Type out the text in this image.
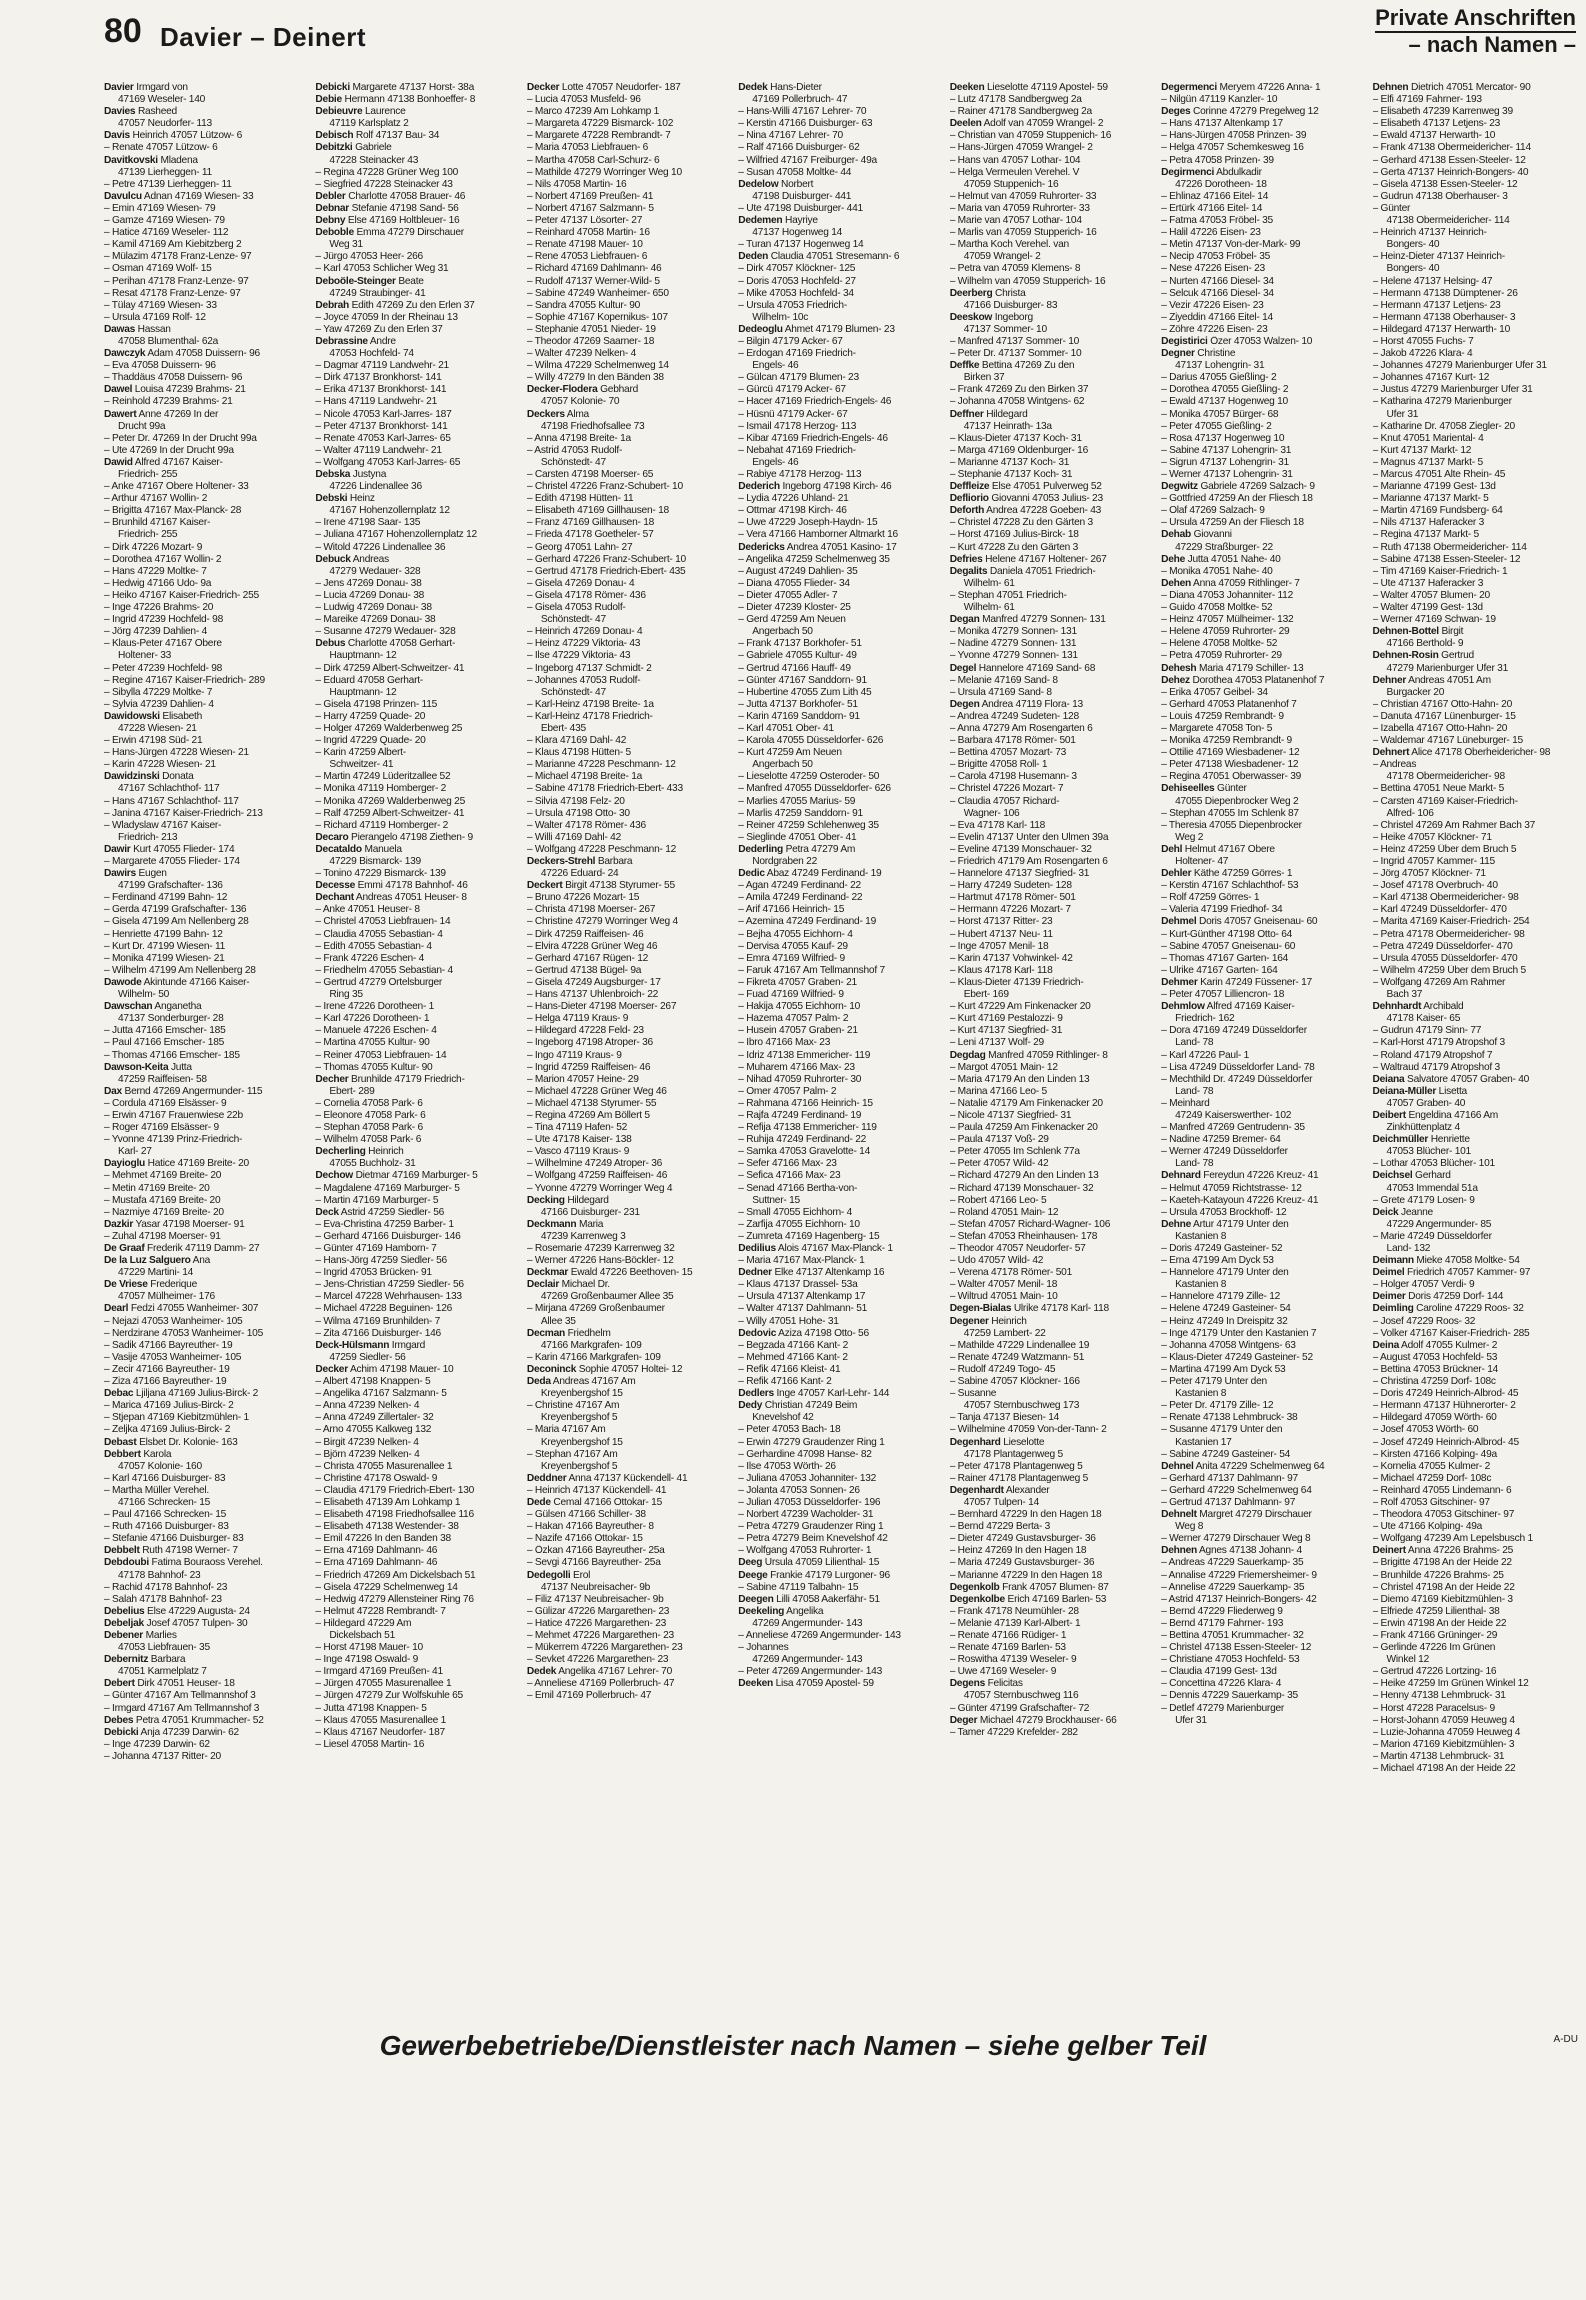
80 Davier – Deinert
Private Anschriften
– nach Namen –
Davier Irmgard von
47169 Weseler- 140
Davies Rasheed
47057 Neudorfer- 113
Davis Heinrich 47057 Lützow- 6
– Renate 47057 Lützow- 6
Davitkovski Mladena
47139 Lierheggen- 11
– Petre 47139 Lierheggen- 11
Davulcu Adnan 47169 Wiesen- 33
– Emin 47169 Wiesen- 79
– Gamze 47169 Wiesen- 79
– Hatice 47169 Weseler- 112
– Kamil 47169 Am Kiebitzberg 2
– Mülazim 47178 Franz-Lenze- 97
– Osman 47169 Wolf- 15
– Perihan 47178 Franz-Lenze- 97
– Resat 47178 Franz-Lenze- 97
– Tülay 47169 Wiesen- 33
– Ursula 47169 Rolf- 12
Dawas Hassan
47058 Blumenthal- 62a
Dawczyk Adam 47058 Duissern- 96
– Eva 47058 Duissern- 96
– Thaddäus 47058 Duissern- 96
Dawel Louisa 47239 Brahms- 21
– Reinhold 47239 Brahms- 21
Dawert Anne 47269 In der
Drucht 99a
– Peter Dr. 47269 In der Drucht 99a
– Ute 47269 In der Drucht 99a
Dawid Alfred 47167 Kaiser-
Friedrich- 255
– Anke 47167 Obere Holtener- 33
– Arthur 47167 Wollin- 2
– Brigitta 47167 Max-Planck- 28
– Brunhild 47167 Kaiser-
Friedrich- 255
– Dirk 47226 Mozart- 9
– Dorothea 47167 Wollin- 2
– Hans 47229 Moltke- 7
– Hedwig 47166 Udo- 9a
– Heiko 47167 Kaiser-Friedrich- 255
– Inge 47226 Brahms- 20
– Ingrid 47239 Hochfeld- 98
– Jörg 47239 Dahlien- 4
– Klaus-Peter 47167 Obere
Holtener- 33
– Peter 47239 Hochfeld- 98
– Regine 47167 Kaiser-Friedrich- 289
– Sibylla 47229 Moltke- 7
– Sylvia 47239 Dahlien- 4
Dawidowski Elisabeth
47228 Wiesen- 21
– Erwin 47198 Süd- 21
– Hans-Jürgen 47228 Wiesen- 21
– Karin 47228 Wiesen- 21
Dawidzinski Donata
47167 Schlachthof- 117
– Hans 47167 Schlachthof- 117
– Janina 47167 Kaiser-Friedrich- 213
– Wladyslaw 47167 Kaiser-
Friedrich- 213
Dawir Kurt 47055 Flieder- 174
– Margarete 47055 Flieder- 174
Dawirs Eugen
47199 Grafschafter- 136
– Ferdinand 47199 Bahn- 12
– Gerda 47199 Grafschafter- 136
– Gisela 47199 Am Nellenberg 28
– Henriette 47199 Bahn- 12
– Kurt Dr. 47199 Wiesen- 11
– Monika 47199 Wiesen- 21
– Wilhelm 47199 Am Nellenberg 28
Dawode Akintunde 47166 Kaiser-
Wilhelm- 50
Dawschan Anganetha
47137 Sonderburger- 28
– Jutta 47166 Emscher- 185
– Paul 47166 Emscher- 185
– Thomas 47166 Emscher- 185
Dawson-Keita Jutta
47259 Raiffeisen- 58
Dax Bernd 47269 Angermunder- 115
– Cordula 47169 Elsässer- 9
– Erwin 47167 Frauenwiese 22b
– Roger 47169 Elsässer- 9
– Yvonne 47139 Prinz-Friedrich-
Karl- 27
Dayioglu Hatice 47169 Breite- 20
– Mehmet 47169 Breite- 20
– Metin 47169 Breite- 20
– Mustafa 47169 Breite- 20
– Nazmiye 47169 Breite- 20
Dazkir Yasar 47198 Moerser- 91
– Zuhal 47198 Moerser- 91
De Graaf Frederik 47119 Damm- 27
De la Luz Salguero Ana
47229 Martini- 14
De Vriese Frederique
47057 Mülheimer- 176
Dearl Fedzi 47055 Wanheimer- 307
– Nejazi 47053 Wanheimer- 105
– Nerdzirane 47053 Wanheimer- 105
– Sadik 47166 Bayreuther- 19
– Vasije 47053 Wanheimer- 105
– Zecir 47166 Bayreuther- 19
– Ziza 47166 Bayreuther- 19
Debac Ljiljana 47169 Julius-Birck- 2
– Marica 47169 Julius-Birck- 2
– Stjepan 47169 Kiebitzmühlen- 1
– Zeljka 47169 Julius-Birck- 2
Debast Elsbet Dr. Kolonie- 163
Debbert Karola
47057 Kolonie- 160
– Karl 47166 Duisburger- 83
– Martha Müller Verehel.
47166 Schrecken- 15
– Paul 47166 Schrecken- 15
– Ruth 47166 Duisburger- 83
– Stefanie 47166 Duisburger- 83
Debbelt Ruth 47198 Werner- 7
Debdoubi Fatima Bouraoss Verehel.
47178 Bahnhof- 23
– Rachid 47178 Bahnhof- 23
– Salah 47178 Bahnhof- 23
Debelius Else 47229 Augusta- 24
Debeljak Josef 47057 Tulpen- 30
Debener Marlies
47053 Liebfrauen- 35
Debernitz Barbara
47051 Karmelplatz 7
Debert Dirk 47051 Heuser- 18
– Günter 47167 Am Tellmannshof 3
– Irmgard 47167 Am Tellmannshof 3
Debes Petra 47051 Krummacher- 52
Debicki Anja 47239 Darwin- 62
– Inge 47239 Darwin- 62
– Johanna 47137 Ritter- 20
Debicki Margarete 47137 Horst- 38a
Debie Hermann 47138 Bonhoeffer- 8
Debieuvre Laurence
47119 Karlsplatz 2
Debisch Rolf 47137 Bau- 34
Debitzki Gabriele
47228 Steinacker 43
– Regina 47228 Grüner Weg 100
– Siegfried 47228 Steinacker 43
Debler Charlotte 47058 Brauer- 46
Debnar Stefanie 47198 Sand- 56
Debny Else 47169 Holtbleuer- 16
Deboble Emma 47279 Dirschauer
Weg 31
– Jürgo 47053 Heer- 266
– Karl 47053 Schlicher Weg 31
Deboöle-Steinger Beate
47249 Straubinger- 41
Debrah Edith 47269 Zu den Erlen 37
– Joyce 47059 In der Rheinau 13
– Yaw 47269 Zu den Erlen 37
Debrassine Andre
47053 Hochfeld- 74
– Dagmar 47119 Landwehr- 21
– Dirk 47137 Bronkhorst- 141
– Erika 47137 Bronkhorst- 141
– Hans 47119 Landwehr- 21
– Nicole 47053 Karl-Jarres- 187
– Peter 47137 Bronkhorst- 141
– Renate 47053 Karl-Jarres- 65
– Walter 47119 Landwehr- 21
– Wolfgang 47053 Karl-Jarres- 65
Debska Justyna
47226 Lindenallee 36
Debski Heinz
47167 Hohenzollernplatz 12
– Irene 47198 Saar- 135
– Juliana 47167 Hohenzollernplatz 12
– Witold 47226 Lindenallee 36
Debuck Andreas
47279 Wedauer- 328
– Jens 47269 Donau- 38
– Lucia 47269 Donau- 38
– Ludwig 47269 Donau- 38
– Mareike 47269 Donau- 38
– Susanne 47279 Wedauer- 328
Debus Charlotte 47058 Gerhart-
Hauptmann- 12
– Dirk 47259 Albert-Schweitzer- 41
– Eduard 47058 Gerhart-
Hauptmann- 12
– Gisela 47198 Prinzen- 115
– Harry 47259 Quade- 20
– Holger 47269 Walderbenweg 25
– Ingrid 47229 Quade- 20
– Karin 47259 Albert-
Schweitzer- 41
– Martin 47249 Lüderitzallee 52
– Monika 47119 Homberger- 2
– Monika 47269 Walderbenweg 25
– Ralf 47259 Albert-Schweitzer- 41
– Richard 47119 Homberger- 2
Decaro Pierangelo 47198 Ziethen- 9
Decataldo Manuela
47229 Bismarck- 139
– Tonino 47229 Bismarck- 139
Decesse Emmi 47178 Bahnhof- 46
Dechant Andreas 47051 Heuser- 8
– Anke 47051 Heuser- 8
– Christel 47053 Liebfrauen- 14
– Claudia 47055 Sebastian- 4
– Edith 47055 Sebastian- 4
– Frank 47226 Eschen- 4
– Friedhelm 47055 Sebastian- 4
– Gertrud 47279 Ortelsburger
Ring 35
– Irene 47226 Dorotheen- 1
– Karl 47226 Dorotheen- 1
– Manuele 47226 Eschen- 4
– Martina 47055 Kultur- 90
– Reiner 47053 Liebfrauen- 14
– Thomas 47055 Kultur- 90
Decher Brunhilde 47179 Friedrich-
Ebert- 289
– Cornelia 47058 Park- 6
– Eleonore 47058 Park- 6
– Stephan 47058 Park- 6
– Wilhelm 47058 Park- 6
Decherling Heinrich
47055 Buchholz- 31
Dechow Dietmar 47169 Marburger- 5
– Magdalene 47169 Marburger- 5
– Martin 47169 Marburger- 5
Deck Astrid 47259 Siedler- 56
– Eva-Christina 47259 Barber- 1
– Gerhard 47166 Duisburger- 146
– Günter 47169 Hamborn- 7
– Hans-Jörg 47259 Siedler- 56
– Ingrid 47053 Brücken- 91
– Jens-Christian 47259 Siedler- 56
– Marcel 47228 Wehrhausen- 133
– Michael 47228 Beguinen- 126
– Wilma 47169 Brunhilden- 7
– Zita 47166 Duisburger- 146
Deck-Hülsmann Irmgard
47259 Siedler- 56
Decker Achim 47198 Mauer- 10
– Albert 47198 Knappen- 5
– Angelika 47167 Salzmann- 5
– Anna 47239 Nelken- 4
– Anna 47249 Zillertaler- 32
– Arno 47055 Kalkweg 132
– Birgit 47239 Nelken- 4
– Björn 47239 Nelken- 4
– Christa 47055 Masurenallee 1
– Christine 47178 Oswald- 9
– Claudia 47179 Friedrich-Ebert- 130
– Elisabeth 47139 Am Lohkamp 1
– Elisabeth 47198 Friedhofsallee 116
– Elisabeth 47138 Westender- 38
– Emil 47226 In den Banden 38
– Erna 47169 Dahlmann- 46
– Erna 47169 Dahlmann- 46
– Friedrich 47269 Am Dickelsbach 51
– Gisela 47229 Schelmenweg 14
– Hedwig 47279 Allensteiner Ring 76
– Helmut 47228 Rembrandt- 7
– Hildegard 47229 Am
Dickelsbach 51
– Horst 47198 Mauer- 10
– Inge 47198 Oswald- 9
– Irmgard 47169 Preußen- 41
– Jürgen 47055 Masurenallee 1
– Jürgen 47279 Zur Wolfskuhle 65
– Jutta 47198 Knappen- 5
– Klaus 47055 Masurenallee 1
– Klaus 47167 Neudorfer- 187
– Liesel 47058 Martin- 16
Decker Lotte 47057 Neudorfer- 187
– Lucia 47053 Musfeld- 96
– Marco 47239 Am Lohkamp 1
– Margareta 47229 Bismarck- 102
– Margarete 47228 Rembrandt- 7
– Maria 47053 Liebfrauen- 6
– Martha 47058 Carl-Schurz- 6
– Mathilde 47279 Worringer Weg 10
– Nils 47058 Martin- 16
– Norbert 47169 Preußen- 41
– Norbert 47167 Salzmann- 5
– Peter 47137 Lösorter- 27
– Reinhard 47058 Martin- 16
– Renate 47198 Mauer- 10
– Rene 47053 Liebfrauen- 6
– Richard 47169 Dahlmann- 46
– Rudolf 47137 Werner-Wild- 5
– Sabine 47249 Wanheimer- 650
– Sandra 47055 Kultur- 90
– Sophie 47167 Kopernikus- 107
– Stephanie 47051 Nieder- 19
– Theodor 47269 Saarner- 18
– Walter 47239 Nelken- 4
– Wilma 47229 Schelmenweg 14
– Willy 47279 In den Bänden 38
Decker-Flodera Gebhard
47057 Kolonie- 70
Deckers Alma
47198 Friedhofsallee 73
– Anna 47198 Breite- 1a
– Astrid 47053 Rudolf-
Schönstedt- 47
– Carsten 47198 Moerser- 65
– Christel 47226 Franz-Schubert- 10
– Edith 47198 Hütten- 11
– Elisabeth 47169 Gillhausen- 18
– Franz 47169 Gillhausen- 18
– Frieda 47178 Goetheler- 57
– Georg 47051 Lahn- 27
– Gerhard 47226 Franz-Schubert- 10
– Gertrud 47178 Friedrich-Ebert- 435
– Gisela 47269 Donau- 4
– Gisela 47178 Römer- 436
– Gisela 47053 Rudolf-
Schönstedt- 47
– Heinrich 47269 Donau- 4
– Heinz 47229 Viktoria- 43
– Ilse 47229 Viktoria- 43
– Ingeborg 47137 Schmidt- 2
– Johannes 47053 Rudolf-
Schönstedt- 47
– Karl-Heinz 47198 Breite- 1a
– Karl-Heinz 47178 Friedrich-
Ebert- 435
– Klara 47169 Dahl- 42
– Klaus 47198 Hütten- 5
– Marianne 47228 Peschmann- 12
– Michael 47198 Breite- 1a
– Sabine 47178 Friedrich-Ebert- 433
– Silvia 47198 Felz- 20
– Ursula 47198 Otto- 30
– Walter 47178 Römer- 436
– Willi 47169 Dahl- 42
– Wolfgang 47228 Peschmann- 12
Deckers-Strehl Barbara
47226 Eduard- 24
Deckert Birgit 47138 Styrumer- 55
– Bruno 47226 Mozart- 15
– Christa 47198 Moerser- 267
– Christine 47279 Worringer Weg 4
– Dirk 47259 Raiffeisen- 46
– Elvira 47228 Grüner Weg 46
– Gerhard 47167 Rügen- 12
– Gertrud 47138 Bügel- 9a
– Gisela 47249 Augsburger- 17
– Hans 47137 Uhlenbroich- 22
– Hans-Dieter 47198 Moerser- 267
– Helga 47119 Kraus- 9
– Hildegard 47228 Feld- 23
– Ingeborg 47198 Atroper- 36
– Ingo 47119 Kraus- 9
– Ingrid 47259 Raiffeisen- 46
– Marion 47057 Heine- 29
– Michael 47228 Grüner Weg 46
– Michael 47138 Styrumer- 55
– Regina 47269 Am Böllert 5
– Tina 47119 Hafen- 52
– Ute 47178 Kaiser- 138
– Vasco 47119 Kraus- 9
– Wilhelmine 47249 Atroper- 36
– Wolfgang 47259 Raiffeisen- 46
– Yvonne 47279 Worringer Weg 4
Decking Hildegard
47166 Duisburger- 231
Deckmann Maria
47239 Karrenweg 3
– Rosemarie 47239 Karrenweg 32
– Werner 47226 Hans-Böckler- 12
Deckmar Ewald 47226 Beethoven- 15
Declair Michael Dr.
47269 Großenbaumer Allee 35
– Mirjana 47269 Großenbaumer
Allee 35
Decman Friedhelm
47166 Markgrafen- 109
– Karin 47166 Markgrafen- 109
Deconinck Sophie 47057 Holtei- 12
Deda Andreas 47167 Am
Kreyenbergshof 15
– Christine 47167 Am
Kreyenbergshof 5
– Maria 47167 Am
Kreyenbergshof 15
– Stephan 47167 Am
Kreyenbergshof 5
Deddner Anna 47137 Kückendell- 41
– Heinrich 47137 Kückendell- 41
Dede Cemal 47166 Ottokar- 15
– Gülsen 47166 Schiller- 38
– Hakan 47166 Bayreuther- 8
– Nazife 47166 Ottokar- 15
– Özkan 47166 Bayreuther- 25a
– Sevgi 47166 Bayreuther- 25a
Dedegolli Erol
47137 Neubreisacher- 9b
– Filiz 47137 Neubreisacher- 9b
– Gülizar 47226 Margarethen- 23
– Hatice 47226 Margarethen- 23
– Mehmet 47226 Margarethen- 23
– Mükerrem 47226 Margarethen- 23
– Sevket 47226 Margarethen- 23
Dedek Angelika 47167 Lehrer- 70
– Anneliese 47169 Pollerbruch- 47
– Emil 47169 Pollerbruch- 47
Dedek Hans-Dieter
47169 Pollerbruch- 47
– Hans-Willi 47167 Lehrer- 70
– Kerstin 47166 Duisburger- 63
– Nina 47167 Lehrer- 70
– Ralf 47166 Duisburger- 62
– Wilfried 47167 Freiburger- 49a
– Susan 47058 Moltke- 44
Dedelow Norbert
47198 Duisburger- 441
– Ute 47198 Duisburger- 441
Dedemen Hayriye
47137 Hogenweg 14
– Turan 47137 Hogenweg 14
Deden Claudia 47051 Stresemann- 6
– Dirk 47057 Klöckner- 125
– Doris 47053 Hochfeld- 27
– Mike 47053 Hochfeld- 34
– Ursula 47053 Friedrich-
Wilhelm- 10c
Dedeoglu Ahmet 47179 Blumen- 23
– Bilgin 47179 Acker- 67
– Erdogan 47169 Friedrich-
Engels- 46
– Gülcan 47179 Blumen- 23
– Gürcü 47179 Acker- 67
– Hacer 47169 Friedrich-Engels- 46
– Hüsnü 47179 Acker- 67
– Ismail 47178 Herzog- 113
– Kibar 47169 Friedrich-Engels- 46
– Nebahat 47169 Friedrich-
Engels- 46
– Rabiye 47178 Herzog- 113
Dederich Ingeborg 47198 Kirch- 46
– Lydia 47226 Uhland- 21
– Ottmar 47198 Kirch- 46
– Uwe 47229 Joseph-Haydn- 15
– Vera 47166 Hamborner Altmarkt 16
Dedericks Andrea 47051 Kasino- 17
– Angelika 47259 Schelmenweg 35
– August 47249 Dahlien- 35
– Diana 47055 Flieder- 34
– Dieter 47055 Adler- 7
– Dieter 47239 Kloster- 25
– Gerd 47259 Am Neuen
Angerbach 50
– Frank 47137 Borkhofer- 51
– Gabriele 47055 Kultur- 49
– Gertrud 47166 Hauff- 49
– Günter 47167 Sanddorn- 91
– Hubertine 47055 Zum Lith 45
– Jutta 47137 Borkhofer- 51
– Karin 47169 Sanddorn- 91
– Karl 47051 Ober- 41
– Karola 47055 Düsseldorfer- 626
– Kurt 47259 Am Neuen
Angerbach 50
– Lieselotte 47259 Osteroder- 50
– Manfred 47055 Düsseldorfer- 626
– Marlies 47055 Marius- 59
– Marlis 47259 Sanddorn- 91
– Reiner 47259 Schlehenweg 35
– Sieglinde 47051 Ober- 41
Dederling Petra 47279 Am
Nordgraben 22
Dedic Abaz 47249 Ferdinand- 19
– Agan 47249 Ferdinand- 22
– Amila 47249 Ferdinand- 22
– Arif 47166 Heinrich- 15
– Azemina 47249 Ferdinand- 19
– Bejha 47055 Eichhorn- 4
– Dervisa 47055 Kauf- 29
– Emra 47169 Wilfried- 9
– Faruk 47167 Am Tellmannshof 7
– Fikreta 47057 Graben- 21
– Fuad 47169 Wilfried- 9
– Hakija 47055 Eichhorn- 10
– Hazema 47057 Palm- 2
– Husein 47057 Graben- 21
– Ibro 47166 Max- 23
– Idriz 47138 Emmericher- 119
– Muharem 47166 Max- 23
– Nihad 47059 Ruhrorter- 30
– Omer 47057 Palm- 2
– Rahmana 47166 Heinrich- 15
– Rajfa 47249 Ferdinand- 19
– Refija 47138 Emmericher- 119
– Ruhija 47249 Ferdinand- 22
– Samka 47053 Gravelotte- 14
– Sefer 47166 Max- 23
– Sefica 47166 Max- 23
– Senad 47166 Bertha-von-
Suttner- 15
– Small 47055 Eichhorn- 4
– Zarfija 47055 Eichhorn- 10
– Zumreta 47169 Hagenberg- 15
Dedilius Alois 47167 Max-Planck- 1
– Maria 47167 Max-Planck- 1
Dedner Elke 47137 Altenkamp 16
– Klaus 47137 Drassel- 53a
– Ursula 47137 Altenkamp 17
– Walter 47137 Dahlmann- 51
– Willy 47051 Hohe- 31
Dedovic Aziza 47198 Otto- 56
– Begzada 47166 Kant- 2
– Mehmed 47166 Kant- 2
– Refik 47166 Kleist- 41
– Refik 47166 Kant- 2
Dedlers Inge 47057 Karl-Lehr- 144
Dedy Christian 47249 Beim
Knevelshof 42
– Peter 47053 Bach- 18
– Erwin 47279 Graudenzer Ring 1
– Gerhardine 47098 Hanse- 82
– Ilse 47053 Wörth- 26
– Juliana 47053 Johanniter- 132
– Jolanta 47053 Sonnen- 26
– Julian 47053 Düsseldorfer- 196
– Norbert 47239 Wacholder- 31
– Petra 47279 Graudenzer Ring 1
– Petra 47279 Beim Knevelshof 42
– Wolfgang 47053 Ruhrorter- 1
Deeg Ursula 47059 Lilienthal- 15
Deege Frankie 47179 Lurgoner- 96
– Sabine 47119 Talbahn- 15
Deegen Lilli 47058 Aakerfähr- 51
Deekeling Angelika
47269 Angermunder- 143
– Anneliese 47269 Angermunder- 143
– Johannes
47269 Angermunder- 143
– Peter 47269 Angermunder- 143
Deeken Lisa 47059 Apostel- 59
Deeken Lieselotte 47119 Apostel- 59
– Lutz 47178 Sandbergweg 2a
– Rainer 47178 Sandbergweg 2a
Deelen Adolf van 47059 Wrangel- 2
– Christian van 47059 Stuppenich- 16
– Hans-Jürgen 47059 Wrangel- 2
– Hans van 47057 Lothar- 104
– Helga Vermeulen Verehel. V
47059 Stuppenich- 16
– Helmut van 47059 Ruhrorter- 33
– Maria van 47059 Ruhrorter- 33
– Marie van 47057 Lothar- 104
– Marlis van 47059 Stupperich- 16
– Martha Koch Verehel. van
47059 Wrangel- 2
– Petra van 47059 Klemens- 8
– Wilhelm van 47059 Stupperich- 16
Deerberg Christa
47166 Duisburger- 83
Deeskow Ingeborg
47137 Sommer- 10
– Manfred 47137 Sommer- 10
– Peter Dr. 47137 Sommer- 10
Deffke Bettina 47269 Zu den
Birken 37
– Frank 47269 Zu den Birken 37
– Johanna 47058 Wintgens- 62
Deffner Hildegard
47137 Heinrath- 13a
– Klaus-Dieter 47137 Koch- 31
– Marga 47169 Oldenburger- 16
– Marianne 47137 Koch- 31
– Stephanie 47137 Koch- 31
Deffleize Else 47051 Pulverweg 52
Defliorio Giovanni 47053 Julius- 23
Deforth Andrea 47228 Goeben- 43
– Christel 47228 Zu den Gärten 3
– Horst 47169 Julius-Birck- 18
– Kurt 47228 Zu den Gärten 3
Defries Helene 47167 Holtener- 267
Degalits Daniela 47051 Friedrich-
Wilhelm- 61
– Stephan 47051 Friedrich-
Wilhelm- 61
Degan Manfred 47279 Sonnen- 131
– Monika 47279 Sonnen- 131
– Nadine 47279 Sonnen- 131
– Yvonne 47279 Sonnen- 131
Degel Hannelore 47169 Sand- 68
– Melanie 47169 Sand- 8
– Ursula 47169 Sand- 8
Degen Andrea 47119 Flora- 13
– Andrea 47249 Sudeten- 128
– Anna 47279 Am Rosengarten 6
– Barbara 47178 Römer- 501
– Bettina 47057 Mozart- 73
– Brigitte 47058 Roll- 1
– Carola 47198 Husemann- 3
– Christel 47226 Mozart- 7
– Claudia 47057 Richard-
Wagner- 106
– Eva 47178 Karl- 118
– Evelin 47137 Unter den Ulmen 39a
– Eveline 47139 Monschauer- 32
– Friedrich 47179 Am Rosengarten 6
– Hannelore 47137 Siegfried- 31
– Harry 47249 Sudeten- 128
– Hartmut 47178 Römer- 501
– Hermann 47226 Mozart- 7
– Horst 47137 Ritter- 23
– Hubert 47137 Neu- 11
– Inge 47057 Menil- 18
– Karin 47137 Vohwinkel- 42
– Klaus 47178 Karl- 118
– Klaus-Dieter 47139 Friedrich-
Ebert- 169
– Kurt 47229 Am Finkenacker 20
– Kurt 47169 Pestalozzi- 9
– Kurt 47137 Siegfried- 31
– Leni 47137 Wolf- 29
Degdag Manfred 47059 Rithlinger- 8
– Margot 47051 Main- 12
– Maria 47179 An den Linden 13
– Marina 47166 Leo- 5
– Natalie 47179 Am Finkenacker 20
– Nicole 47137 Siegfried- 31
– Paula 47259 Am Finkenacker 20
– Paula 47137 Voß- 29
– Peter 47055 Im Schlenk 77a
– Peter 47057 Wild- 42
– Richard 47279 An den Linden 13
– Richard 47139 Monschauer- 32
– Robert 47166 Leo- 5
– Roland 47051 Main- 12
– Stefan 47057 Richard-Wagner- 106
– Stefan 47053 Rheinhausen- 178
– Theodor 47057 Neudorfer- 57
– Udo 47057 Wild- 42
– Verena 47178 Römer- 501
– Walter 47057 Menil- 18
– Wiltrud 47051 Main- 10
Degen-Bialas Ulrike 47178 Karl- 118
Degener Heinrich
47259 Lambert- 22
– Mathilde 47229 Lindenallee 19
– Renate 47249 Watzmann- 51
– Rudolf 47249 Togo- 45
– Sabine 47057 Klöckner- 166
– Susanne
47057 Sternbuschweg 173
– Tanja 47137 Biesen- 14
– Wilhelmine 47059 Von-der-Tann- 2
Degenhard Lieselotte
47178 Plantagenweg 5
– Peter 47178 Plantagenweg 5
– Rainer 47178 Plantagenweg 5
Degenhardt Alexander
47057 Tulpen- 14
– Bernhard 47229 In den Hagen 18
– Bernd 47229 Berta- 3
– Dieter 47249 Gustavsburger- 36
– Heinz 47269 In den Hagen 18
– Maria 47249 Gustavsburger- 36
– Marianne 47229 In den Hagen 18
Degenkolb Frank 47057 Blumen- 87
Degenkolbe Erich 47169 Barlen- 53
– Frank 47178 Neumühler- 28
– Melanie 47139 Karl-Albert- 1
– Renate 47166 Rüdiger- 1
– Renate 47169 Barlen- 53
– Roswitha 47139 Weseler- 9
– Uwe 47169 Weseler- 9
Degens Felicitas
47057 Sternbuschweg 116
– Günter 47199 Grafschafter- 72
Deger Michael 47279 Brockhauser- 66
– Tamer 47229 Krefelder- 282
Degermenci Meryem 47226 Anna- 1
– Nilgün 47119 Kanzler- 10
Deges Corinne 47279 Pregelweg 12
– Hans 47137 Altenkamp 17
– Hans-Jürgen 47058 Prinzen- 39
– Helga 47057 Schemkesweg 16
– Petra 47058 Prinzen- 39
Degirmenci Abdulkadir
47226 Dorotheen- 18
– Ehlinaz 47166 Eitel- 14
– Ertürk 47166 Eitel- 14
– Fatma 47053 Fröbel- 35
– Halil 47226 Eisen- 23
– Metin 47137 Von-der-Mark- 99
– Necip 47053 Fröbel- 35
– Nese 47226 Eisen- 23
– Nurten 47166 Diesel- 34
– Selcuk 47166 Diesel- 34
– Vezir 47226 Eisen- 23
– Ziyeddin 47166 Eitel- 14
– Zöhre 47226 Eisen- 23
Degistirici Özer 47053 Walzen- 10
Degner Christine
47137 Lohengrin- 31
– Darius 47055 Gießling- 2
– Dorothea 47055 Gießling- 2
– Ewald 47137 Hogenweg 10
– Monika 47057 Bürger- 68
– Peter 47055 Gießling- 2
– Rosa 47137 Hogenweg 10
– Sabine 47137 Lohengrin- 31
– Sigrun 47137 Lohengrin- 31
– Werner 47137 Lohengrin- 31
Degwitz Gabriele 47269 Salzach- 9
– Gottfried 47259 An der Fliesch 18
– Olaf 47269 Salzach- 9
– Ursula 47259 An der Fliesch 18
Dehab Giovanni
47229 Straßburger- 22
Dehe Jutta 47051 Nahe- 40
– Monika 47051 Nahe- 40
Dehen Anna 47059 Rithlinger- 7
– Diana 47053 Johanniter- 112
– Guido 47058 Moltke- 52
– Heinz 47057 Mülheimer- 132
– Helene 47059 Ruhrorter- 29
– Helene 47058 Moltke- 52
– Petra 47059 Ruhrorter- 29
Dehesh Maria 47179 Schiller- 13
Dehez Dorothea 47053 Platanenhof 7
– Erika 47057 Geibel- 34
– Gerhard 47053 Platanenhof 7
– Louis 47259 Rembrandt- 9
– Margarete 47058 Ton- 5
– Monika 47259 Rembrandt- 9
– Ottilie 47169 Wiesbadener- 12
– Peter 47138 Wiesbadener- 12
– Regina 47051 Oberwasser- 39
Dehiseelles Günter
47055 Diepenbrocker Weg 2
– Stephan 47055 Im Schlenk 87
– Theresia 47055 Diepenbrocker
Weg 2
Dehl Helmut 47167 Obere
Holtener- 47
Dehler Käthe 47259 Görres- 1
– Kerstin 47167 Schlachthof- 53
– Rolf 47259 Görres- 1
– Valeria 47199 Friedhof- 34
Dehmel Doris 47057 Gneisenau- 60
– Kurt-Günther 47198 Otto- 64
– Sabine 47057 Gneisenau- 60
– Thomas 47167 Garten- 164
– Ulrike 47167 Garten- 164
Dehmer Karin 47249 Füssener- 17
– Peter 47057 Lilliencron- 18
Dehmlow Alfred 47169 Kaiser-
Friedrich- 162
– Dora 47169 47249 Düsseldorfer
Land- 78
– Karl 47226 Paul- 1
– Lisa 47249 Düsseldorfer Land- 78
– Mechthild Dr. 47249 Düsseldorfer
Land- 78
– Meinhard
47249 Kaiserswerther- 102
– Manfred 47269 Gentrudenn- 35
– Nadine 47259 Bremer- 64
– Werner 47249 Düsseldorfer
Land- 78
Dehnard Fereydun 47226 Kreuz- 41
– Helmut 47059 Richtstrasse- 12
– Kaeteh-Katayoun 47226 Kreuz- 41
– Ursula 47053 Brockhoff- 12
Dehne Artur 47179 Unter den
Kastanien 8
– Doris 47249 Gasteiner- 52
– Erna 47199 Am Dyck 53
– Hannelore 47179 Unter den
Kastanien 8
– Hannelore 47179 Zille- 12
– Helene 47249 Gasteiner- 54
– Heinz 47249 In Dreispitz 32
– Inge 47179 Unter den Kastanien 7
– Johanna 47058 Wintgens- 63
– Klaus-Dieter 47249 Gasteiner- 52
– Martina 47199 Am Dyck 53
– Peter 47179 Unter den
Kastanien 8
– Peter Dr. 47179 Zille- 12
– Renate 47138 Lehmbruck- 38
– Susanne 47179 Unter den
Kastanien 17
– Sabine 47249 Gasteiner- 54
Dehnel Anita 47229 Schelmenweg 64
– Gerhard 47137 Dahlmann- 97
– Gerhard 47229 Schelmenweg 64
– Gertrud 47137 Dahlmann- 97
Dehnelt Margret 47279 Dirschauer
Weg 8
– Werner 47279 Dirschauer Weg 8
Dehnen Agnes 47138 Johann- 4
– Andreas 47229 Sauerkamp- 35
– Annalise 47229 Friemersheimer- 9
– Annelise 47229 Sauerkamp- 35
– Astrid 47137 Heinrich-Bongers- 42
– Bernd 47229 Fliederweg 9
– Bernd 47179 Fahrner- 193
– Bettina 47051 Krummacher- 32
– Christel 47138 Essen-Steeler- 12
– Christiane 47053 Hochfeld- 53
– Claudia 47199 Gest- 13d
– Concettina 47226 Klara- 4
– Dennis 47229 Sauerkamp- 35
– Detlef 47279 Marienburger
Ufer 31
Dehnen Dietrich 47051 Mercator- 90
– Elfi 47169 Fahrner- 193
– Elisabeth 47239 Karrenweg 39
– Elisabeth 47137 Letjens- 23
– Ewald 47137 Herwarth- 10
– Frank 47138 Obermeidericher- 114
– Gerhard 47138 Essen-Steeler- 12
– Gerta 47137 Heinrich-Bongers- 40
– Gisela 47138 Essen-Steeler- 12
– Gudrun 47138 Oberhauser- 3
– Günter
47138 Obermeidericher- 114
– Heinrich 47137 Heinrich-
Bongers- 40
– Heinz-Dieter 47137 Heinrich-
Bongers- 40
– Helene 47137 Helsing- 47
– Hermann 47138 Dümptener- 26
– Hermann 47137 Letjens- 23
– Hermann 47138 Oberhauser- 3
– Hildegard 47137 Herwarth- 10
– Horst 47055 Fuchs- 7
– Jakob 47226 Klara- 4
– Johannes 47279 Marienburger Ufer 31
– Johannes 47167 Kurt- 12
– Justus 47279 Marienburger Ufer 31
– Katharina 47279 Marienburger
Ufer 31
– Katharine Dr. 47058 Ziegler- 20
– Knut 47051 Mariental- 4
– Kurt 47137 Markt- 12
– Magnus 47137 Markt- 5
– Marcus 47051 Alte Rhein- 45
– Marianne 47199 Gest- 13d
– Marianne 47137 Markt- 5
– Martin 47169 Fundsberg- 64
– Nils 47137 Haferacker 3
– Regina 47137 Markt- 5
– Ruth 47138 Obermeidericher- 114
– Sabine 47138 Essen-Steeler- 12
– Tim 47169 Kaiser-Friedrich- 1
– Ute 47137 Haferacker 3
– Walter 47057 Blumen- 20
– Walter 47199 Gest- 13d
– Werner 47169 Schwan- 19
Dehnen-Bottel Birgit
47166 Berthold- 9
Dehnen-Rosin Gertrud
47279 Marienburger Ufer 31
Dehner Andreas 47051 Am
Burgacker 20
– Christian 47167 Otto-Hahn- 20
– Danuta 47167 Lünenburger- 15
– Izabella 47167 Otto-Hahn- 20
– Waldemar 47167 Lüneburger- 15
Dehnert Alice 47178 Oberheidericher- 98
– Andreas
47178 Obermeidericher- 98
– Bettina 47051 Neue Markt- 5
– Carsten 47169 Kaiser-Friedrich-
Alfred- 106
– Christel 47269 Am Rahmer Bach 37
– Heike 47057 Klöckner- 71
– Heinz 47259 Über dem Bruch 5
– Ingrid 47057 Kammer- 115
– Jörg 47057 Klöckner- 71
– Josef 47178 Overbruch- 40
– Karl 47138 Obermeidericher- 98
– Karl 47249 Düsseldorfer- 470
– Marita 47169 Kaiser-Friedrich- 254
– Petra 47178 Obermeidericher- 98
– Petra 47249 Düsseldorfer- 470
– Ursula 47055 Düsseldorfer- 470
– Wilhelm 47259 Über dem Bruch 5
– Wolfgang 47269 Am Rahmer
Bach 37
Dehnhardt Archibald
47178 Kaiser- 65
– Gudrun 47179 Sinn- 77
– Karl-Horst 47179 Atropshof 3
– Roland 47179 Atropshof 7
– Waltraud 47179 Atropshof 3
Deiana Salvatore 47057 Graben- 40
Deiana-Müller Lisetta
47057 Graben- 40
Deibert Engeldina 47166 Am
Zinkhüttenplatz 4
Deichmüller Henriette
47053 Blücher- 101
– Lothar 47053 Blücher- 101
Deichsel Gerhard
47053 Immendal 51a
– Grete 47179 Losen- 9
Deick Jeanne
47229 Angermunder- 85
– Marie 47249 Düsseldorfer
Land- 132
Deimann Mieke 47058 Moltke- 54
Deimel Friedrich 47057 Kammer- 97
– Holger 47057 Verdi- 9
Deimer Doris 47259 Dorf- 144
Deimling Caroline 47229 Roos- 32
– Josef 47229 Roos- 32
– Volker 47167 Kaiser-Friedrich- 285
Deina Adolf 47055 Kulmer- 2
– August 47053 Hochfeld- 53
– Bettina 47053 Brückner- 14
– Christina 47259 Dorf- 108c
– Doris 47249 Heinrich-Albrod- 45
– Hermann 47137 Hühnerorter- 2
– Hildegard 47059 Wörth- 60
– Josef 47053 Wörth- 60
– Josef 47249 Heinrich-Albrod- 45
– Kirsten 47166 Kolping- 49a
– Kornelia 47055 Kulmer- 2
– Michael 47259 Dorf- 108c
– Reinhard 47055 Lindemann- 6
– Rolf 47053 Gitschiner- 97
– Theodora 47053 Gitschiner- 97
– Ute 47166 Kolping- 49a
– Wolfgang 47239 Am Lepelsbusch 1
Deinert Anna 47226 Brahms- 25
– Brigitte 47198 An der Heide 22
– Brunhilde 47226 Brahms- 25
– Christel 47198 An der Heide 22
– Diemo 47169 Kiebitzmühlen- 3
– Elfriede 47259 Lilienthal- 38
– Erwin 47198 An der Heide 22
– Frank 47166 Grüninger- 29
– Gerlinde 47226 Im Grünen
Winkel 12
– Gertrud 47226 Lortzing- 16
– Heike 47259 Im Grünen Winkel 12
– Henny 47138 Lehmbruck- 31
– Horst 47228 Paracelsus- 9
– Horst-Johann 47059 Heuweg 4
– Luzie-Johanna 47059 Heuweg 4
– Marion 47169 Kiebitzmühlen- 3
– Martin 47138 Lehmbruck- 31
– Michael 47198 An der Heide 22
Gewerbebetriebe/Dienstleister nach Namen – siehe gelber Teil	A-DU
